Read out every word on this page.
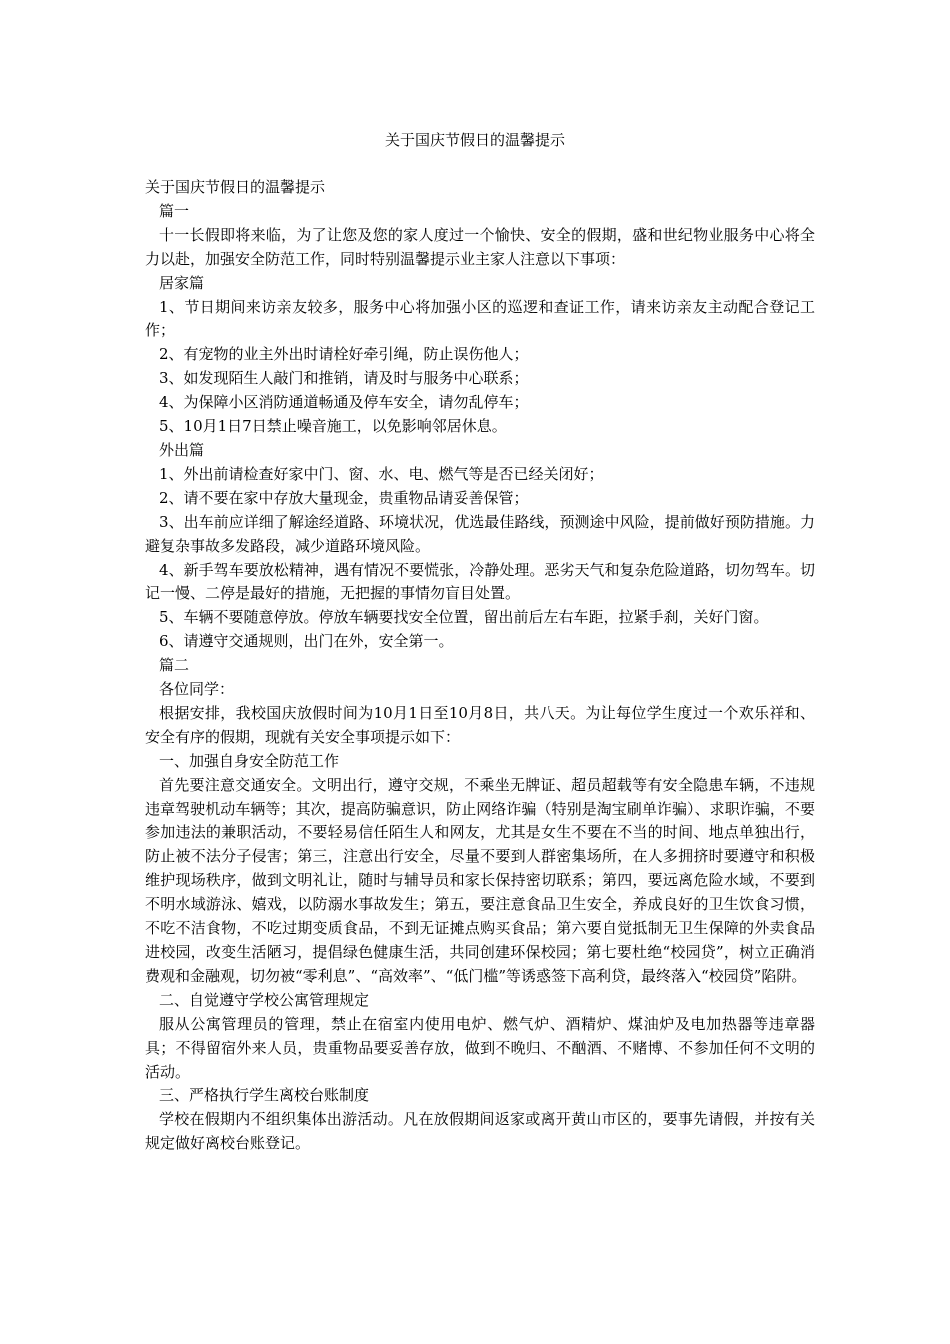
关于国庆节假日的温馨提示

关于国庆节假日的温馨提示

篇一

十一长假即将来临，为了让您及您的家人度过一个愉快、安全的假期，盛和世纪物业服务中心将全力以赴，加强安全防范工作，同时特别温馨提示业主家人注意以下事项：

居家篇

1、节日期间来访亲友较多，服务中心将加强小区的巡逻和查证工作，请来访亲友主动配合登记工作；

2、有宠物的业主外出时请栓好牵引绳，防止误伤他人；

3、如发现陌生人敲门和推销，请及时与服务中心联系；

4、为保障小区消防通道畅通及停车安全，请勿乱停车；

5、10月1日7日禁止噪音施工，以免影响邻居休息。

外出篇

1、外出前请检查好家中门、窗、水、电、燃气等是否已经关闭好；

2、请不要在家中存放大量现金，贵重物品请妥善保管；

3、出车前应详细了解途经道路、环境状况，优选最佳路线，预测途中风险，提前做好预防措施。力避复杂事故多发路段，减少道路环境风险。

4、新手驾车要放松精神，遇有情况不要慌张，冷静处理。恶劣天气和复杂危险道路，切勿驾车。切记一慢、二停是最好的措施，无把握的事情勿盲目处置。

5、车辆不要随意停放。停放车辆要找安全位置，留出前后左右车距，拉紧手刹，关好门窗。

6、请遵守交通规则，出门在外，安全第一。

篇二

各位同学：

根据安排，我校国庆放假时间为10月1日至10月8日，共八天。为让每位学生度过一个欢乐祥和、安全有序的假期，现就有关安全事项提示如下：

一、加强自身安全防范工作

首先要注意交通安全。文明出行，遵守交规，不乘坐无牌证、超员超载等有安全隐患车辆，不违规违章驾驶机动车辆等；其次，提高防骗意识，防止网络诈骗（特别是淘宝刷单诈骗）、求职诈骗，不要参加违法的兼职活动，不要轻易信任陌生人和网友，尤其是女生不要在不当的时间、地点单独出行，防止被不法分子侵害；第三，注意出行安全，尽量不要到人群密集场所，在人多拥挤时要遵守和积极维护现场秩序，做到文明礼让，随时与辅导员和家长保持密切联系；第四，要远离危险水域，不要到不明水域游泳、嬉戏，以防溺水事故发生；第五，要注意食品卫生安全，养成良好的卫生饮食习惯，不吃不洁食物，不吃过期变质食品，不到无证摊点购买食品；第六要自觉抵制无卫生保障的外卖食品进校园，改变生活陋习，提倡绿色健康生活，共同创建环保校园；第七要杜绝“校园贷”，树立正确消费观和金融观，切勿被“零利息”、“高效率”、“低门槛”等诱惑签下高利贷，最终落入“校园贷”陷阱。

二、自觉遵守学校公寓管理规定

服从公寓管理员的管理，禁止在宿室内使用电炉、燃气炉、酒精炉、煤油炉及电加热器等违章器具；不得留宿外来人员，贵重物品要妥善存放，做到不晚归、不酗酒、不赌博、不参加任何不文明的活动。

三、严格执行学生离校台账制度

学校在假期内不组织集体出游活动。凡在放假期间返家或离开黄山市区的，要事先请假，并按有关规定做好离校台账登记。
